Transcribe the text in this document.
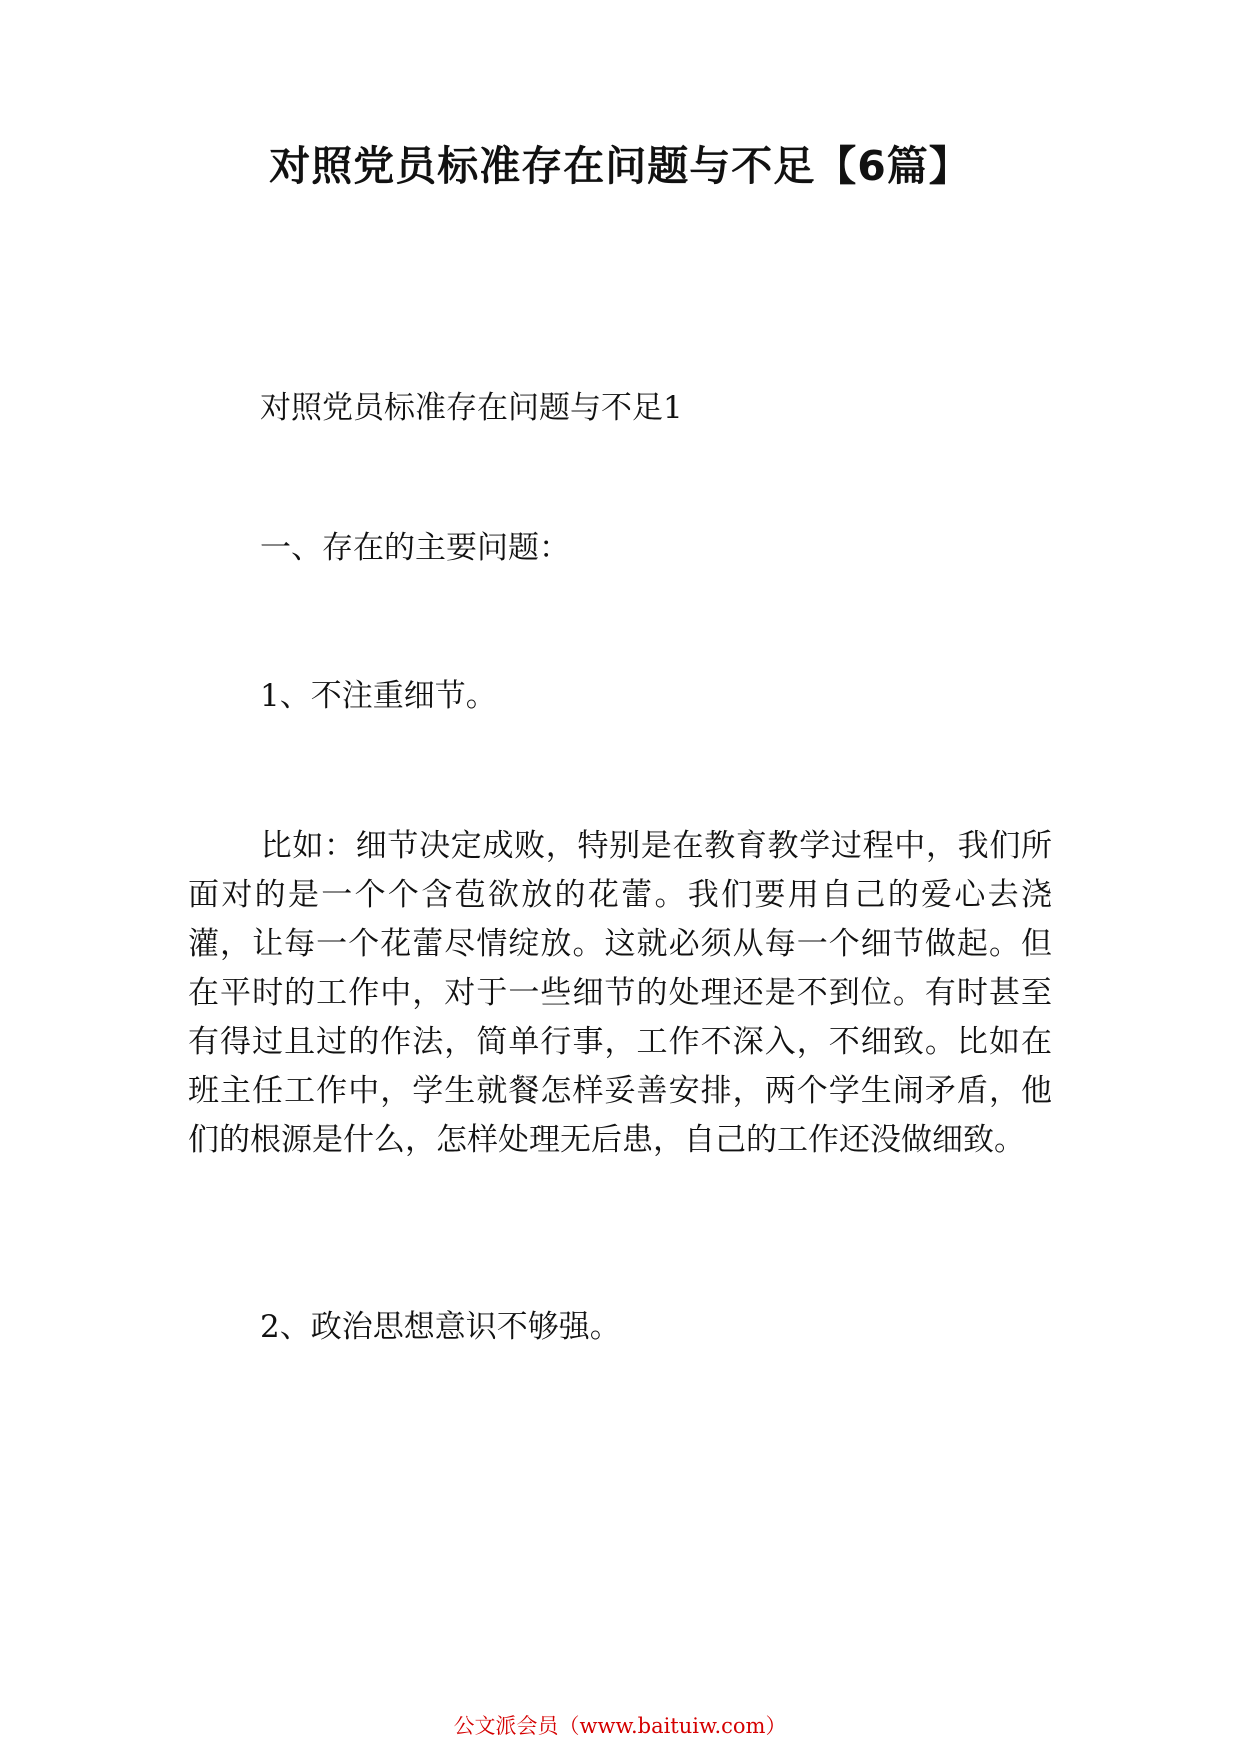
对照党员标准存在问题与不足【6篇】
对照党员标准存在问题与不足1
一、存在的主要问题：
1、不注重细节。

比如：细节决定成败，特别是在教育教学过程中，我们所面对的是一个个含苞欲放的花蕾。我们要用自己的爱心去浇灌，让每一个花蕾尽情绽放。这就必须从每一个细节做起。但在平时的工作中，对于一些细节的处理还是不到位。有时甚至有得过且过的作法，简单行事，工作不深入，不细致。比如在班主任工作中，学生就餐怎样妥善安排，两个学生闹矛盾，他们的根源是什么，怎样处理无后患，自己的工作还没做细致。

2、政治思想意识不够强。
公文派会员（www.baituiw.com）
